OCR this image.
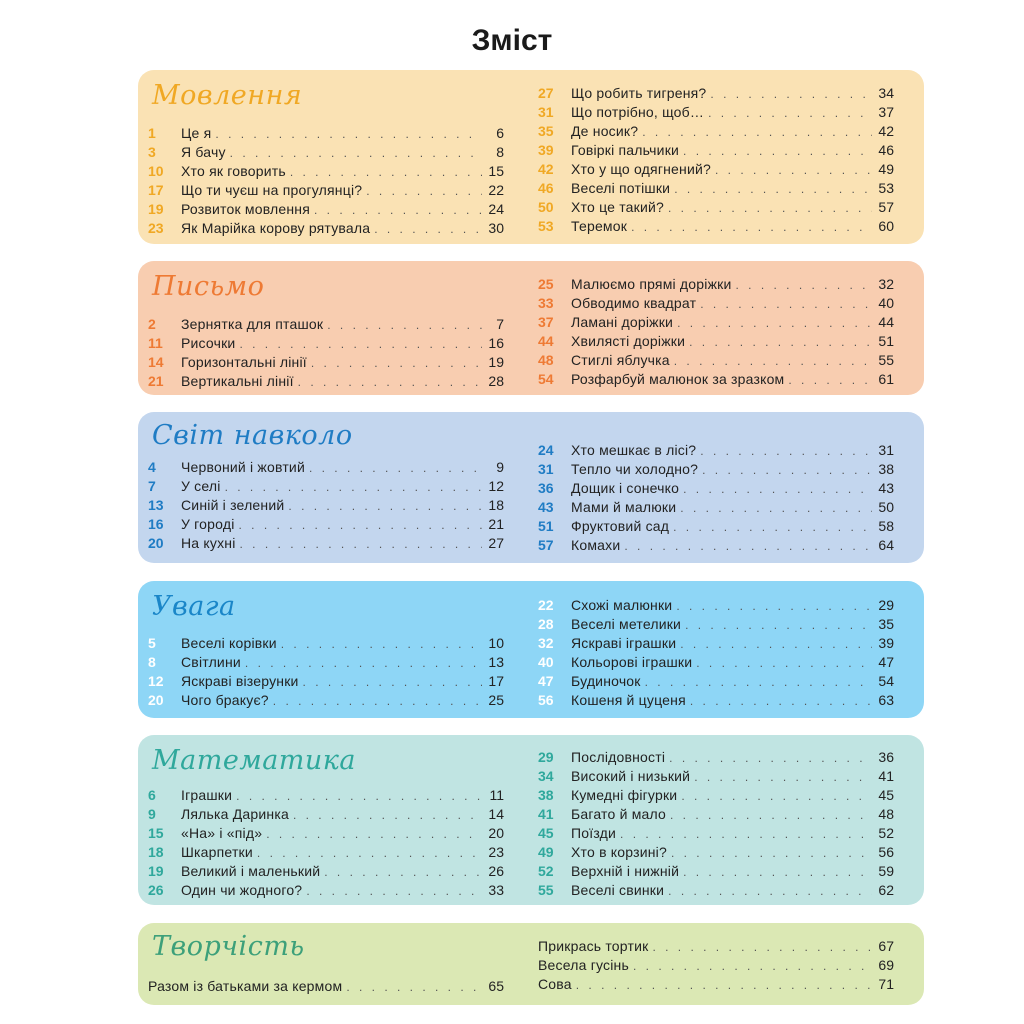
Зміст
Мовлення
1	Це я . . .	6
3	Я бачу . . .	8
10	Хто як говорить . . .	15
17	Що ти чуєш на прогулянці? . . .	22
19	Розвиток мовлення . . .	24
23	Як Марійка корову рятувала . . .	30
27	Що робить тигреня? . . .	34
31	Що потрібно, щоб… . . .	37
35	Де носик? . . .	42
39	Говіркі пальчики . . .	46
42	Хто у що одягнений? . . .	49
46	Веселі потішки . . .	53
50	Хто це такий? . . .	57
53	Теремок . . .	60
Письмо
2	Зернятка для пташок . . .	7
11	Рисочки . . .	16
14	Горизонтальні лінії . . .	19
21	Вертикальні лінії . . .	28
25	Малюємо прямі доріжки . . .	32
33	Обводимо квадрат . . .	40
37	Ламані доріжки . . .	44
44	Хвилясті доріжки . . .	51
48	Стиглі яблучка . . .	55
54	Розфарбуй малюнок за зразком . . .	61
Світ навколо
4	Червоний і жовтий . . .	9
7	У селі . . .	12
13	Синій і зелений . . .	18
16	У городі . . .	21
20	На кухні . . .	27
24	Хто мешкає в лісі? . . .	31
31	Тепло чи холодно? . . .	38
36	Дощик і сонечко . . .	43
43	Мами й малюки . . .	50
51	Фруктовий сад . . .	58
57	Комахи . . .	64
Увага
5	Веселі корівки . . .	10
8	Світлини . . .	13
12	Яскраві візерунки . . .	17
20	Чого бракує? . . .	25
22	Схожі малюнки . . .	29
28	Веселі метелики . . .	35
32	Яскраві іграшки . . .	39
40	Кольорові іграшки . . .	47
47	Будиночок . . .	54
56	Кошеня й цуценя . . .	63
Математика
6	Іграшки . . .	11
9	Лялька Даринка . . .	14
15	«На» і «під» . . .	20
18	Шкарпетки . . .	23
19	Великий і маленький . . .	26
26	Один чи жодного? . . .	33
29	Послідовності . . .	36
34	Високий і низький . . .	41
38	Кумедні фігурки . . .	45
41	Багато й мало . . .	48
45	Поїзди . . .	52
49	Хто в корзині? . . .	56
52	Верхній і нижній . . .	59
55	Веселі свинки . . .	62
Творчість
Разом із батьками за кермом . . .	65
Прикрась тортик . . .	67
Весела гусінь . . .	69
Сова . . .	71
